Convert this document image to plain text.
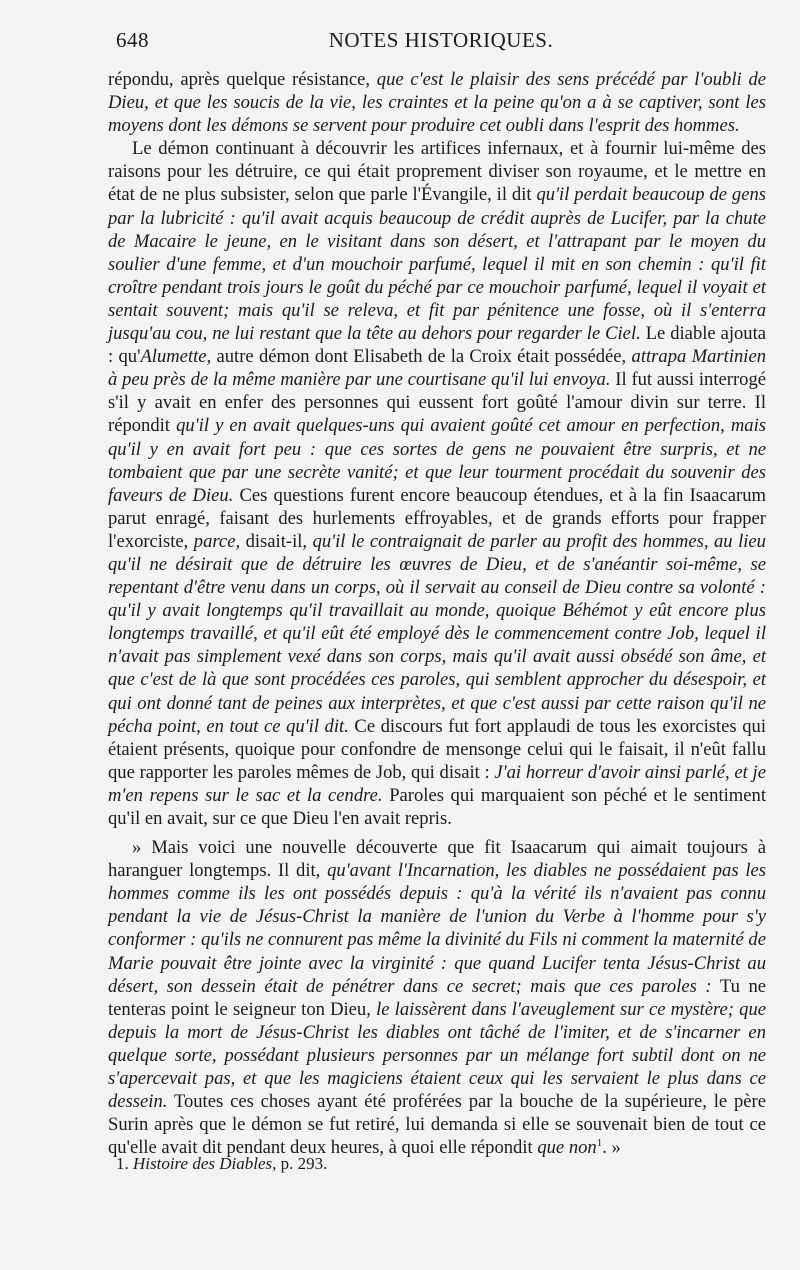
648	NOTES HISTORIQUES.

répondu, après quelque résistance, que c'est le plaisir des sens précédé par l'oubli de Dieu, et que les soucis de la vie, les craintes et la peine qu'on a à se captiver, sont les moyens dont les démons se servent pour produire cet oubli dans l'esprit des hommes.

Le démon continuant à découvrir les artifices infernaux, et à fournir lui-même des raisons pour les détruire, ce qui était proprement diviser son royaume, et le mettre en état de ne plus subsister, selon que parle l'Évangile, il dit qu'il perdait beaucoup de gens par la lubricité : qu'il avait acquis beaucoup de crédit auprès de Lucifer, par la chute de Macaire le jeune, en le visitant dans son désert, et l'attrapant par le moyen du soulier d'une femme, et d'un mouchoir parfumé, lequel il mit en son chemin : qu'il fit croître pendant trois jours le goût du péché par ce mouchoir parfumé, lequel il voyait et sentait souvent; mais qu'il se releva, et fit par pénitence une fosse, où il s'enterra jusqu'au cou, ne lui restant que la tête au dehors pour regarder le Ciel. Le diable ajouta : qu'Alumette, autre démon dont Elisabeth de la Croix était possédée, attrapa Martinien à peu près de la même manière par une courtisane qu'il lui envoya. Il fut aussi interrogé s'il y avait en enfer des personnes qui eussent fort goûté l'amour divin sur terre. Il répondit qu'il y en avait quelques-uns qui avaient goûté cet amour en perfection, mais qu'il y en avait fort peu : que ces sortes de gens ne pouvaient être surpris, et ne tombaient que par une secrète vanité; et que leur tourment procédait du souvenir des faveurs de Dieu. Ces questions furent encore beaucoup étendues, et à la fin Isaacarum parut enragé, faisant des hurlements effroyables, et de grands efforts pour frapper l'exorciste, parce, disait-il, qu'il le contraignait de parler au profit des hommes, au lieu qu'il ne désirait que de détruire les œuvres de Dieu, et de s'anéantir soi-même, se repentant d'être venu dans un corps, où il servait au conseil de Dieu contre sa volonté : qu'il y avait longtemps qu'il travaillait au monde, quoique Béhémot y eût encore plus longtemps travaillé, et qu'il eût été employé dès le commencement contre Job, lequel il n'avait pas simplement vexé dans son corps, mais qu'il avait aussi obsédé son âme, et que c'est de là que sont procédées ces paroles, qui semblent approcher du désespoir, et qui ont donné tant de peines aux interprètes, et que c'est aussi par cette raison qu'il ne pécha point, en tout ce qu'il dit. Ce discours fut fort applaudi de tous les exorcistes qui étaient présents, quoique pour confondre de mensonge celui qui le faisait, il n'eût fallu que rapporter les paroles mêmes de Job, qui disait : J'ai horreur d'avoir ainsi parlé, et je m'en repens sur le sac et la cendre. Paroles qui marquaient son péché et le sentiment qu'il en avait, sur ce que Dieu l'en avait repris.

» Mais voici une nouvelle découverte que fit Isaacarum qui aimait toujours à haranguer longtemps. Il dit, qu'avant l'Incarnation, les diables ne possédaient pas les hommes comme ils les ont possédés depuis : qu'à la vérité ils n'avaient pas connu pendant la vie de Jésus-Christ la manière de l'union du Verbe à l'homme pour s'y conformer : qu'ils ne connurent pas même la divinité du Fils ni comment la maternité de Marie pouvait être jointe avec la virginité : que quand Lucifer tenta Jésus-Christ au désert, son dessein était de pénétrer dans ce secret; mais que ces paroles : Tu ne tenteras point le seigneur ton Dieu, le laissèrent dans l'aveuglement sur ce mystère; que depuis la mort de Jésus-Christ les diables ont tâché de l'imiter, et de s'incarner en quelque sorte, possédant plusieurs personnes par un mélange fort subtil dont on ne s'apercevait pas, et que les magiciens étaient ceux qui les servaient le plus dans ce dessein. Toutes ces choses ayant été proférées par la bouche de la supérieure, le père Surin après que le démon se fut retiré, lui demanda si elle se souvenait bien de tout ce qu'elle avait dit pendant deux heures, à quoi elle répondit que non$^1$. »

1. Histoire des Diables, p. 293.
